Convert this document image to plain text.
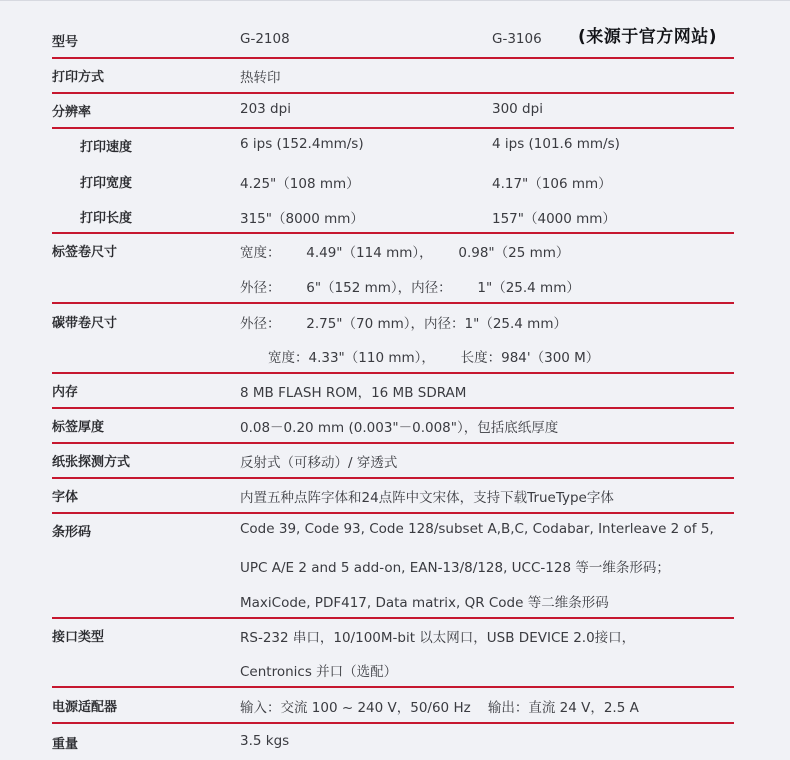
(来源于官方网站)
型号	G-2108	G-3106
打印方式	热转印
分辨率	203 dpi	300 dpi
打印速度	6 ips (152.4mm/s)	4 ips (101.6 mm/s)
打印宽度	4.25"（108 mm）	4.17"（106 mm）
打印长度	315"（8000 mm）	157"（4000 mm）
标签卷尺寸	宽度：      4.49"（114 mm），      0.98"（25 mm）
外径：      6"（152 mm），内径：      1"（25.4 mm）
碳带卷尺寸	外径：      2.75"（70 mm），内径：1"（25.4 mm）
宽度：4.33"（110 mm），      长度：984'（300 M）
内存	8 MB FLASH ROM，16 MB SDRAM
标签厚度	0.08－0.20 mm (0.003"－0.008"），包括底纸厚度
纸张探测方式	反射式（可移动）/ 穿透式
字体	内置五种点阵字体和24点阵中文宋体，支持下载TrueType字体
条形码	Code 39, Code 93, Code 128/subset A,B,C, Codabar, Interleave 2 of 5,
UPC A/E 2 and 5 add-on, EAN-13/8/128, UCC-128 等一维条形码；
MaxiCode, PDF417, Data matrix, QR Code 等二维条形码
接口类型	RS-232 串口，10/100M-bit 以太网口，USB DEVICE 2.0接口，
Centronics 并口（选配）
电源适配器	输入：交流 100 ~ 240 V，50/60 Hz    输出：直流 24 V，2.5 A
重量	3.5 kgs
